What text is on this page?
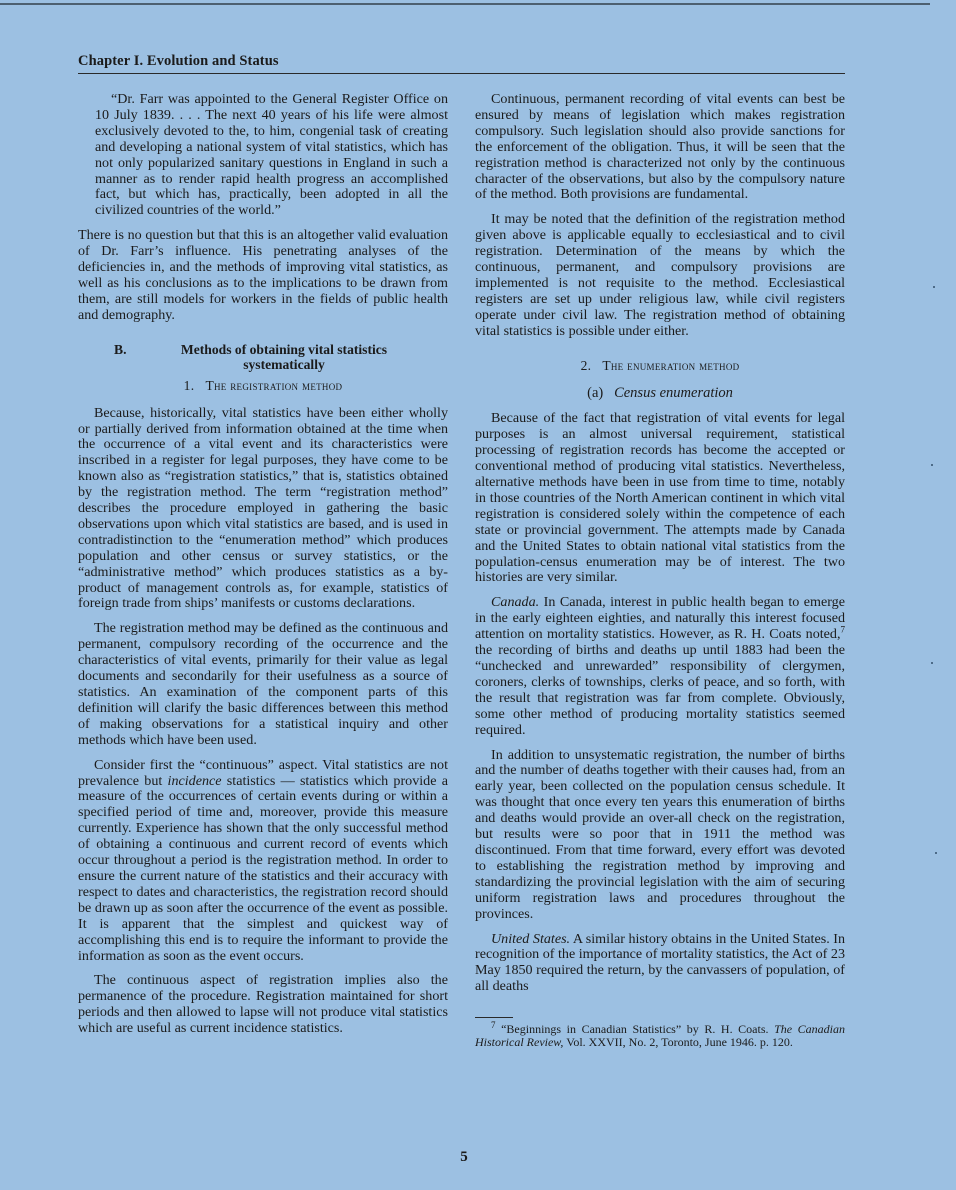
Chapter I. Evolution and Status

“Dr. Farr was appointed to the General Register Office on 10 July 1839. . . . The next 40 years of his life were almost exclusively devoted to the, to him, congenial task of creating and developing a national system of vital statistics, which has not only popularized sanitary questions in England in such a manner as to render rapid health progress an accomplished fact, but which has, practically, been adopted in all the civilized countries of the world.”

There is no question but that this is an altogether valid evaluation of Dr. Farr’s influence. His penetrating analyses of the deficiencies in, and the methods of improving vital statistics, as well as his conclusions as to the implications to be drawn from them, are still models for workers in the fields of public health and demography.

B.	Methods of obtaining vital statistics systematically
1. The registration method

Because, historically, vital statistics have been either wholly or partially derived from information obtained at the time when the occurrence of a vital event and its characteristics were inscribed in a register for legal purposes, they have come to be known also as “registration statistics,” that is, statistics obtained by the registration method. The term “registration method” describes the procedure employed in gathering the basic observations upon which vital statistics are based, and is used in contradistinction to the “enumeration method” which produces population and other census or survey statistics, or the “administrative method” which produces statistics as a by-product of management controls as, for example, statistics of foreign trade from ships’ manifests or customs declarations.

The registration method may be defined as the continuous and permanent, compulsory recording of the occurrence and the characteristics of vital events, primarily for their value as legal documents and secondarily for their usefulness as a source of statistics. An examination of the component parts of this definition will clarify the basic differences between this method of making observations for a statistical inquiry and other methods which have been used.

Consider first the “continuous” aspect. Vital statistics are not prevalence but incidence statistics — statistics which provide a measure of the occurrences of certain events during or within a specified period of time and, moreover, provide this measure currently. Experience has shown that the only successful method of obtaining a continuous and current record of events which occur throughout a period is the registration method. In order to ensure the current nature of the statistics and their accuracy with respect to dates and characteristics, the registration record should be drawn up as soon after the occurrence of the event as possible. It is apparent that the simplest and quickest way of accomplishing this end is to require the informant to provide the information as soon as the event occurs.

The continuous aspect of registration implies also the permanence of the procedure. Registration maintained for short periods and then allowed to lapse will not produce vital statistics which are useful as current incidence statistics.

Continuous, permanent recording of vital events can best be ensured by means of legislation which makes registration compulsory. Such legislation should also provide sanctions for the enforcement of the obligation. Thus, it will be seen that the registration method is characterized not only by the continuous character of the observations, but also by the compulsory nature of the method. Both provisions are fundamental.

It may be noted that the definition of the registration method given above is applicable equally to ecclesiastical and to civil registration. Determination of the means by which the continuous, permanent, and compulsory provisions are implemented is not requisite to the method. Ecclesiastical registers are set up under religious law, while civil registers operate under civil law. The registration method of obtaining vital statistics is possible under either.

2. The enumeration method
(a) Census enumeration

Because of the fact that registration of vital events for legal purposes is an almost universal requirement, statistical processing of registration records has become the accepted or conventional method of producing vital statistics. Nevertheless, alternative methods have been in use from time to time, notably in those countries of the North American continent in which vital registration is considered solely within the competence of each state or provincial government. The attempts made by Canada and the United States to obtain national vital statistics from the population-census enumeration may be of interest. The two histories are very similar.

Canada. In Canada, interest in public health began to emerge in the early eighteen eighties, and naturally this interest focused attention on mortality statistics. However, as R. H. Coats noted,$^7$ the recording of births and deaths up until 1883 had been the “unchecked and unrewarded” responsibility of clergymen, coroners, clerks of townships, clerks of peace, and so forth, with the result that registration was far from complete. Obviously, some other method of producing mortality statistics seemed required.

In addition to unsystematic registration, the number of births and the number of deaths together with their causes had, from an early year, been collected on the population census schedule. It was thought that once every ten years this enumeration of births and deaths would provide an over-all check on the registration, but results were so poor that in 1911 the method was discontinued. From that time forward, every effort was devoted to establishing the registration method by improving and standardizing the provincial legislation with the aim of securing uniform registration laws and procedures throughout the provinces.

United States. A similar history obtains in the United States. In recognition of the importance of mortality statistics, the Act of 23 May 1850 required the return, by the canvassers of population, of all deaths

$^7$ “Beginnings in Canadian Statistics” by R. H. Coats. The Canadian Historical Review, Vol. XXVII, No. 2, Toronto, June 1946. p. 120.

5
